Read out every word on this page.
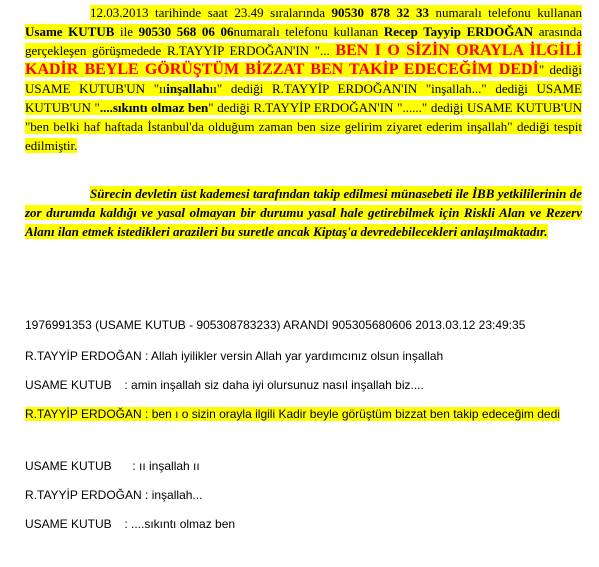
     12.03.2013 tarihinde saat 23.49 sıralarında 90530 878 32 33 numaralı telefonu kullanan Usame KUTUB ile 90530 568 06 06numaralı telefonu kullanan Recep Tayyip ERDOĞAN arasında gerçekleşen görüşmedede R.TAYYİP ERDOĞAN'IN "... BEN I O SİZİN ORAYLA İLGİLİ KADİR BEYLE GÖRÜŞTÜM BİZZAT BEN TAKİP EDECEĞİM DEDİ" dediği USAME KUTUB'UN "ııinşallahıı" dediği R.TAYYİP ERDOĞAN'IN "inşallah..." dediği USAME KUTUB'UN "....sıkıntı olmaz ben" dediği R.TAYYİP ERDOĞAN'IN "......" dediği USAME KUTUB'UN "ben belki haf haftada İstanbul'da olduğum zaman ben size gelirim ziyaret ederim inşallah" dediği tespit edilmiştir.
     Sürecin devletin üst kademesi tarafından takip edilmesi münasebeti ile İBB yetkililerinin de zor durumda kaldığı ve yasal olmayan bir durumu yasal hale getirebilmek için Riskli Alan ve Rezerv Alanı ilan etmek istedikleri arazileri bu suretle ancak Kiptaş'a devredebilecekleri anlaşılmaktadır.
1976991353 (USAME KUTUB - 905308783233) ARANDI 905305680606 2013.03.12 23:49:35
R.TAYYİP ERDOĞAN : Allah iyilikler versin Allah yar yardımcınız olsun inşallah
USAME KUTUB : amin inşallah siz daha iyi olursunuz nasıl inşallah biz....
R.TAYYİP ERDOĞAN : ben ı o sizin orayla ilgili Kadir beyle görüştüm bizzat ben takip edeceğim dedi
USAME KUTUB : ıı inşallah ıı
R.TAYYİP ERDOĞAN : inşallah...
USAME KUTUB : ....sıkıntı olmaz ben
